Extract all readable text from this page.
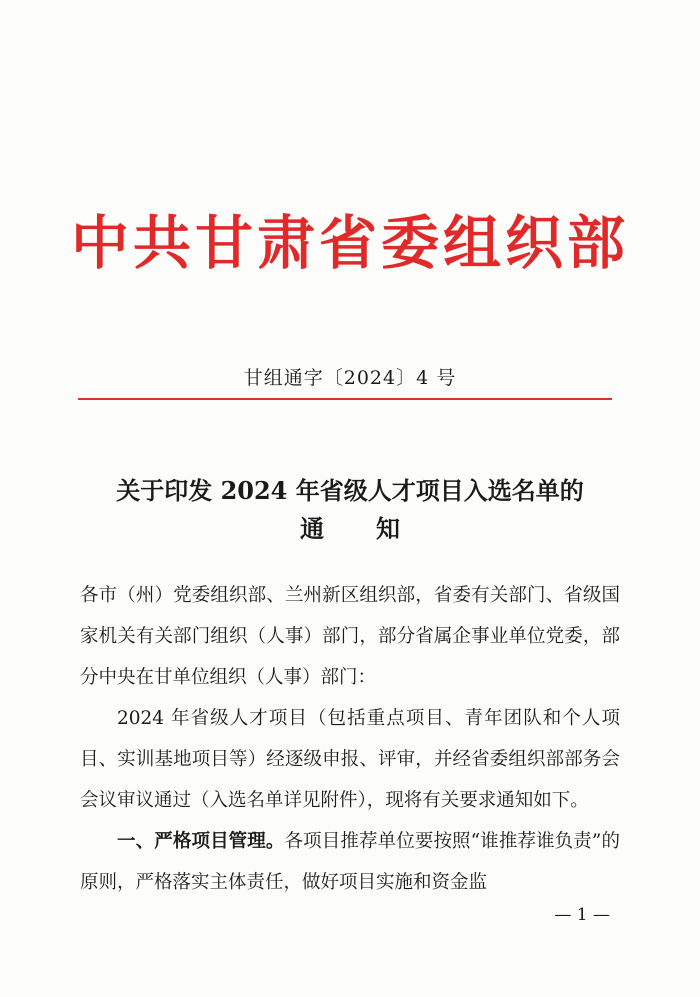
中共甘肃省委组织部
甘组通字〔2024〕4 号
关于印发 2024 年省级人才项目入选名单的
通知

各市（州）党委组织部、兰州新区组织部，省委有关部门、省级国家机关有关部门组织（人事）部门，部分省属企事业单位党委，部分中央在甘单位组织（人事）部门：

2024 年省级人才项目（包括重点项目、青年团队和个人项目、实训基地项目等）经逐级申报、评审，并经省委组织部部务会会议审议通过（入选名单详见附件），现将有关要求通知如下。

一、严格项目管理。各项目推荐单位要按照“谁推荐谁负责”的原则，严格落实主体责任，做好项目实施和资金监

— 1 —
